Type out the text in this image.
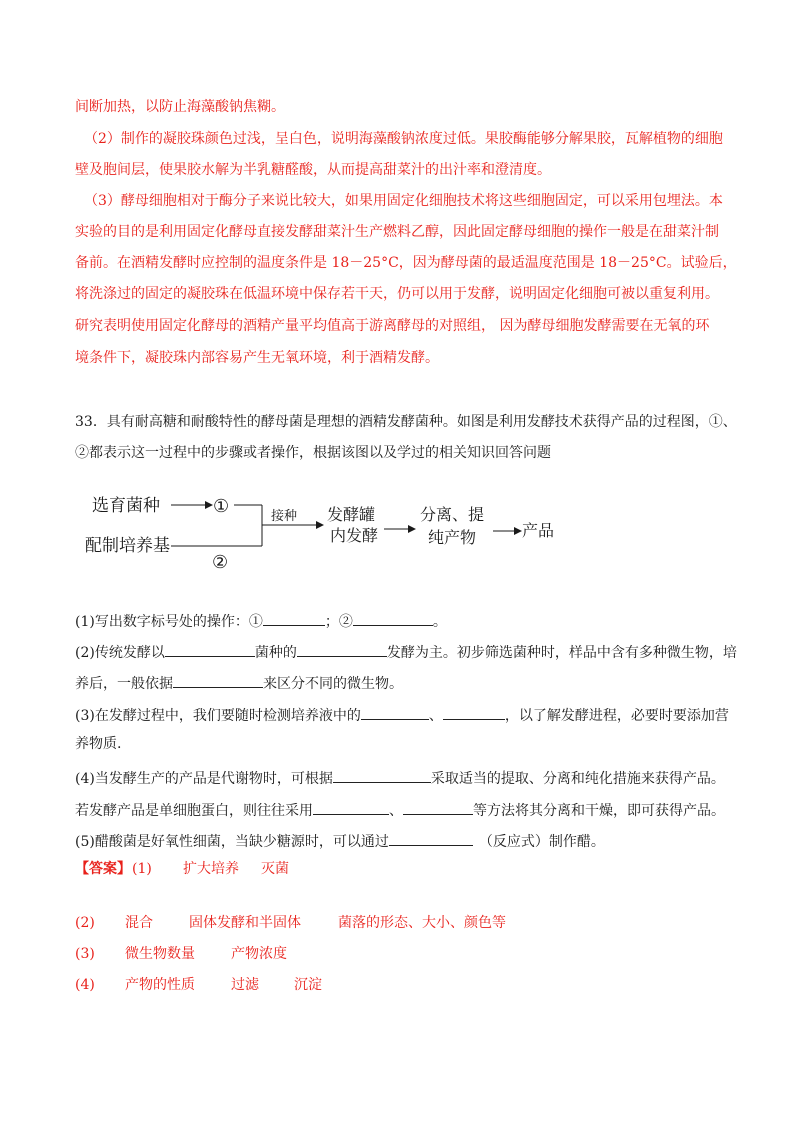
间断加热，以防止海藻酸钠焦糊。
（2）制作的凝胶珠颜色过浅，呈白色，说明海藻酸钠浓度过低。果胶酶能够分解果胶，瓦解植物的细胞
壁及胞间层，使果胶水解为半乳糖醛酸，从而提高甜菜汁的出汁率和澄清度。
（3）酵母细胞相对于酶分子来说比较大，如果用固定化细胞技术将这些细胞固定，可以采用包埋法。本
实验的目的是利用固定化酵母直接发酵甜菜汁生产燃料乙醇，因此固定酵母细胞的操作一般是在甜菜汁制
备前。在酒精发酵时应控制的温度条件是 18－25°C，因为酵母菌的最适温度范围是 18－25°C。试验后，
将洗涤过的固定的凝胶珠在低温环境中保存若干天，仍可以用于发酵，说明固定化细胞可被以重复利用。
研究表明使用固定化酵母的酒精产量平均值高于游离酵母的对照组， 因为酵母细胞发酵需要在无氧的环
境条件下，凝胶珠内部容易产生无氧环境，利于酒精发酵。
33．具有耐高糖和耐酸特性的酵母菌是理想的酒精发酵菌种。如图是利用发酵技术获得产品的过程图，①、
②都表示这一过程中的步骤或者操作，根据该图以及学过的相关知识回答问题
选育菌种	①
配制培养基
②
接种 发酵罐
内发酵
分离、提
纯产物	产品
(1)写出数字标号处的操作：①	；②	。
(2)传统发酵以	菌种的	发酵为主。初步筛选菌种时，样品中含有多种微生物，培
养后，一般依据	来区分不同的微生物。
(3)在发酵过程中，我们要随时检测培养液中的	、	，以了解发酵进程，必要时要添加营
养物质.
(4)当发酵生产的产品是代谢物时，可根据	采取适当的提取、分离和纯化措施来获得产品。
若发酵产品是单细胞蛋白，则往往采用	、	等方法将其分离和干燥，即可获得产品。
(5)醋酸菌是好氧性细菌，当缺少糖源时，可以通过	（反应式）制作醋。
【答案】 (1) 扩大培养 灭菌
(2) 混合	固体发酵和半固体	菌落的形态、大小、颜色等
(3) 微生物数量	产物浓度
(4) 产物的性质	过滤	沉淀
